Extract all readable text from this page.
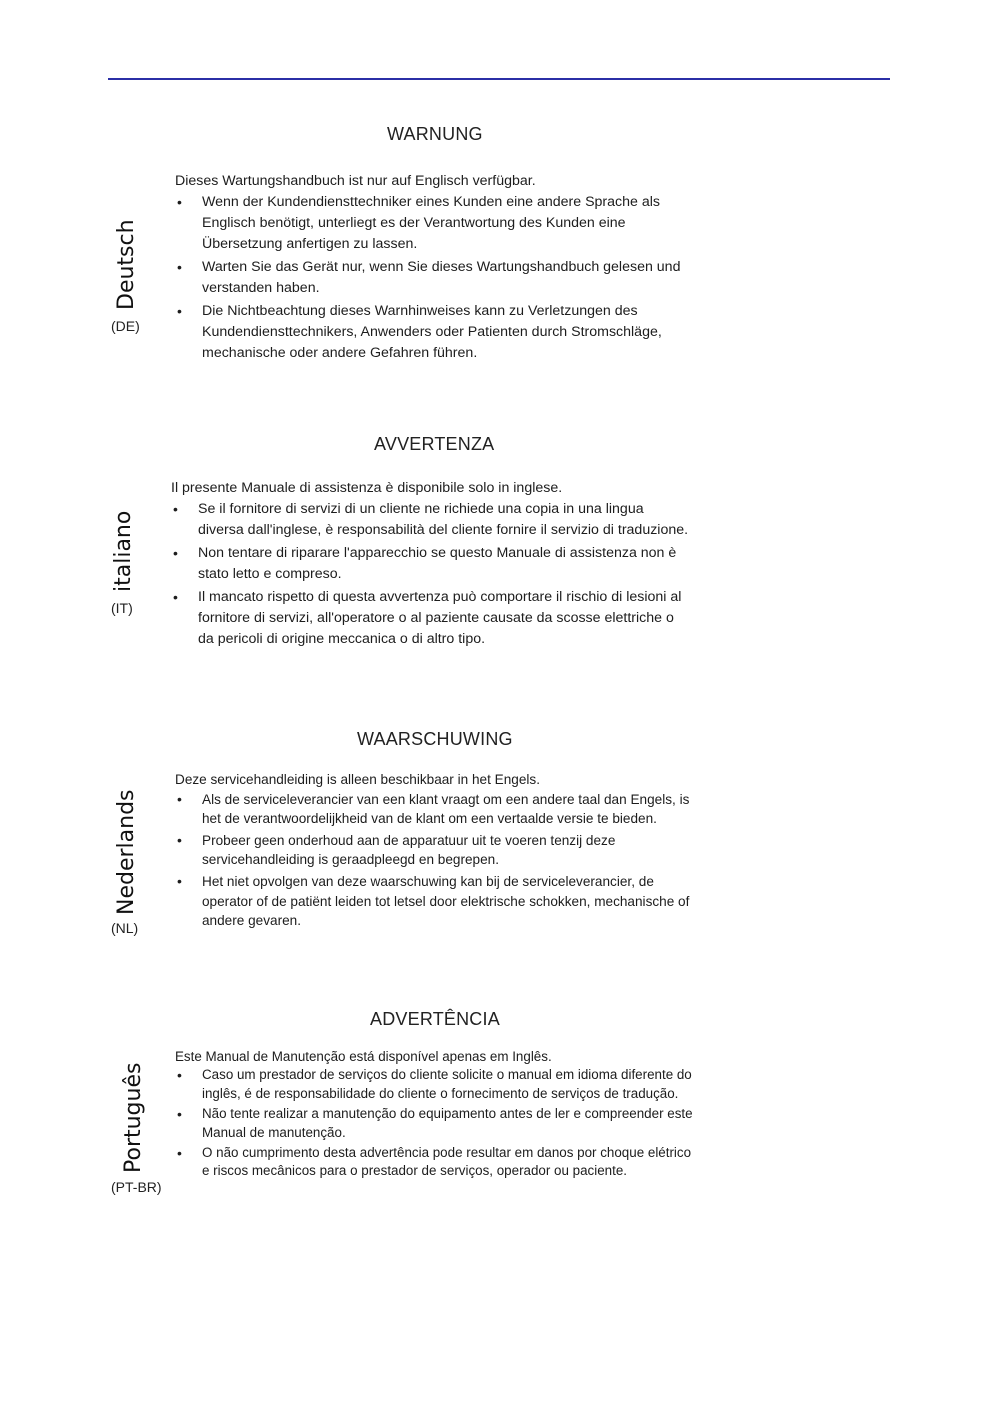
Deutsch
(DE)
WARNUNG

Dieses Wartungshandbuch ist nur auf Englisch verfügbar.

• Wenn der Kundendiensttechniker eines Kunden eine andere Sprache als Englisch benötigt, unterliegt es der Verantwortung des Kunden eine Übersetzung anfertigen zu lassen.
• Warten Sie das Gerät nur, wenn Sie dieses Wartungshandbuch gelesen und verstanden haben.
• Die Nichtbeachtung dieses Warnhinweises kann zu Verletzungen des Kundendiensttechnikers, Anwenders oder Patienten durch Stromschläge, mechanische oder andere Gefahren führen.
italiano
(IT)
AVVERTENZA

Il presente Manuale di assistenza è disponibile solo in inglese.

• Se il fornitore di servizi di un cliente ne richiede una copia in una lingua diversa dall'inglese, è responsabilità del cliente fornire il servizio di traduzione.
• Non tentare di riparare l'apparecchio se questo Manuale di assistenza non è stato letto e compreso.
• Il mancato rispetto di questa avvertenza può comportare il rischio di lesioni al fornitore di servizi, all'operatore o al paziente causate da scosse elettriche o da pericoli di origine meccanica o di altro tipo.
Nederlands
(NL)
WAARSCHUWING

Deze servicehandleiding is alleen beschikbaar in het Engels.

• Als de serviceleverancier van een klant vraagt om een andere taal dan Engels, is het de verantwoordelijkheid van de klant om een vertaalde versie te bieden.
• Probeer geen onderhoud aan de apparatuur uit te voeren tenzij deze servicehandleiding is geraadpleegd en begrepen.
• Het niet opvolgen van deze waarschuwing kan bij de serviceleverancier, de operator of de patiënt leiden tot letsel door elektrische schokken, mechanische of andere gevaren.
Português
(PT-BR)
ADVERTÊNCIA

Este Manual de Manutenção está disponível apenas em Inglês.

• Caso um prestador de serviços do cliente solicite o manual em idioma diferente do inglês, é de responsabilidade do cliente o fornecimento de serviços de tradução.
• Não tente realizar a manutenção do equipamento antes de ler e compreender este Manual de manutenção.
• O não cumprimento desta advertência pode resultar em danos por choque elétrico e riscos mecânicos para o prestador de serviços, operador ou paciente.
